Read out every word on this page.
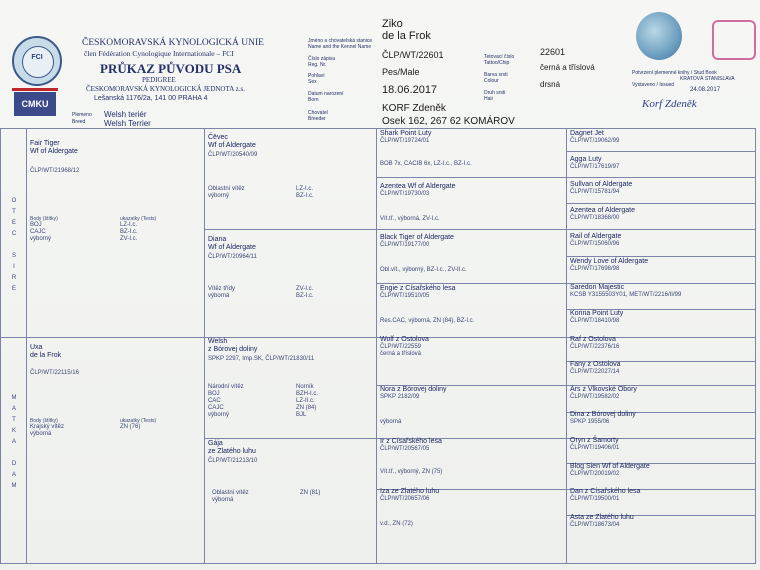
FCI
CMKU
ČESKOMORAVSKÁ KYNOLOGICKÁ UNIE
člen Fédération Cynologique Internationale – FCI
PRŮKAZ PŮVODU PSA
PEDIGREE
ČESKOMORAVSKÁ KYNOLOGICKÁ JEDNOTA z.s.
Lešanská 1176/2a, 141 00 PRAHA 4
Plemeno
Breed
Welsh teriér
Welsh Terrier
Jméno a chovatelská stanice
Name and the Kennel Name
Číslo zápisu
Reg. Nr.
Pohlaví
Sex
Datum narození
Born
Chovatel
Breeder
Tetovací číslo
Tattoo/Chip
Barva srsti
Colour
Druh srsti
Hair
Ziko
de la Frok
ČLP/WT/22601
Pes/Male
18.06.2017
KORF Zdeněk
Osek 162, 267 62 KOMÁROV
22601
černá a tříslová
drsná
Potvrzení plemenné knihy / Stud Book
KRATOVÁ STANISLAVA
Vystaveno / Issued
24.08.2017
Korf Zdeněk
O
T
E
C

S
I
R
E
M
A
T
K
A

D
A
M
Fair Tiger
Wf of Aldergate
ČLP/WT/21968/12
Body (štítky)
BOJ
CAJC
výborný
ukazatky (Tests)
LZ-I.c.
BZ-I.c.
ZV-I.c.
Uxa
de la Frok
ČLP/WT/22115/16
Body (štítky)
Krajský vítěz
výborná
ukazatky (Tests)
ZN (76)
Čēvec
Wf of Aldergate
ČLP/WT/20540/09
Oblastní vítěz
výborný
LZ-I.c.
BZ-I.c.
Diana
Wf of Aldergate
ČLP/WT/20964/11
Vítěz třídy
výborná
ZV-I.c.
BZ-I.c.
Welsh
z Bórovej doliny
SPKP 2297, Imp.SK, ČLP/WT/21830/11
Národní vítěz
BOJ
CAC
CAJC
výborný
Norník
BZH-I.c.
LZ-II.c.
ZN (84)
BJL
Gája
ze Zlatého luhu
ČLP/WT/21213/10
Oblastní vítěz
výborná
ZN (81)
Shark Point Luty
ČLP/WT/19724/01
BOB 7x, CACIB 6x, LZ-I.c., BZ-I.c.
Azentea Wf of Aldergate
ČLP/WT/19730/03
Vít.tř., výborná, ZV-I.c.
Black Tiger of Aldergate
ČLP/WT/19177/00
Obl.vít., výborný, BZ-I.c., ZV-II.c.
Engie z Císařského lesa
ČLP/WT/19510/05
Res.CAC, výborná, ZN (84), BZ-I.c.
Wolf z Ostolova
ČLP/WT/22559
černá a tříslová
Nora z Bórovej doliny
SPKP 2182/09
výborná
Ir z Císařského lesa
ČLP/WT/20567/05
Vít.tř., výborný, ZN (75)
Iza ze Zlatého luhu
ČLP/WT/20657/06
v.d., ZN (72)
Dagnet Jet
ČLP/WT/19062/99
Agga Luty
ČLP/WT/17619/97
Sullvan of Aldergate
ČLP/WT/15781/94
Azentea of Aldergate
ČLP/WT/18368/00
Rail of Aldergate
ČLP/WT/15060/96
Wendy Love of Aldergate
ČLP/WT/17698/98
Saredon Majestic
KCSB Y3155503Y01, MET/WT/2216/II/99
Korina Point Luty
ČLP/WT/18410/98
Raf z Ostolova
ČLP/WT/22376/16
Fany z Ostolova
ČLP/WT/22027/14
Ars z Vlkovské Obory
ČLP/WT/19582/02
Dina z Bórovej doliny
SPKP 1955/06
Oryn z Šamorty
ČLP/WT/19406/01
Blog Sien Wf of Aldergate
ČLP/WT/20019/02
Dan z Císařského lesa
ČLP/WT/19500/01
Asta ze Zlatého luhu
ČLP/WT/18673/04
